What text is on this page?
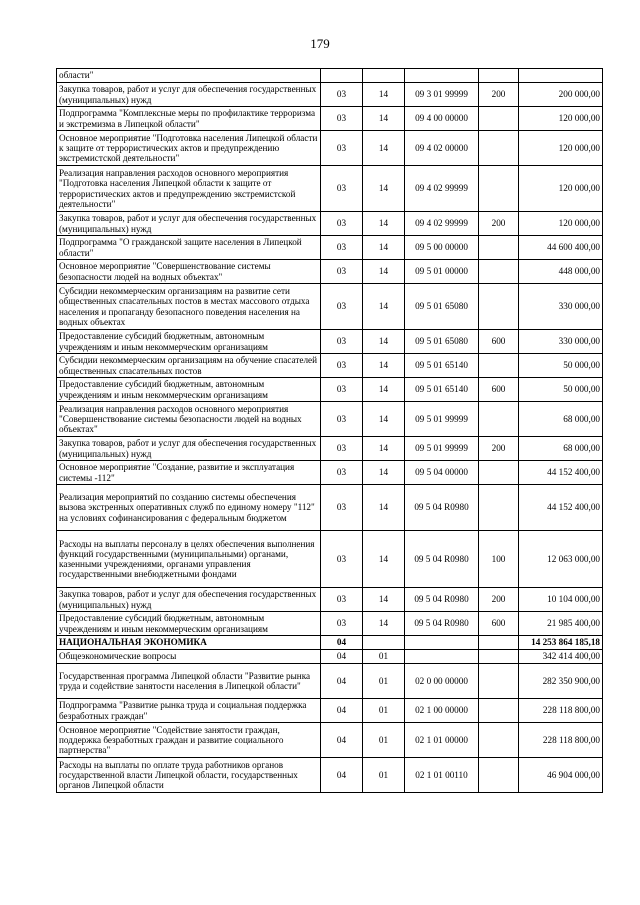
179
области"					
Закупка товаров, работ и услуг для обеспечения государственных (муниципальных) нужд	03	14	09 3 01 99999	200	200 000,00
Подпрограмма "Комплексные меры по профилактике терроризма и экстремизма в Липецкой области"	03	14	09 4 00 00000		120 000,00
Основное мероприятие "Подготовка населения Липецкой области к защите от террористических актов и предупреждению экстремистской деятельности"	03	14	09 4 02 00000		120 000,00
Реализация направления расходов основного мероприятия "Подготовка населения Липецкой области к защите от террористических актов и предупреждению экстремистской деятельности"	03	14	09 4 02 99999		120 000,00
Закупка товаров, работ и услуг для обеспечения государственных (муниципальных) нужд	03	14	09 4 02 99999	200	120 000,00
Подпрограмма "О гражданской защите населения в Липецкой области"	03	14	09 5 00 00000		44 600 400,00
Основное мероприятие "Совершенствование системы безопасности людей на водных объектах"	03	14	09 5 01 00000		448 000,00
Субсидии некоммерческим организациям на развитие сети общественных спасательных постов в местах массового отдыха населения и пропаганду безопасного поведения населения на водных объектах	03	14	09 5 01 65080		330 000,00
Предоставление субсидий бюджетным, автономным учреждениям и иным некоммерческим организациям	03	14	09 5 01 65080	600	330 000,00
Субсидии некоммерческим организациям на обучение спасателей общественных спасательных постов	03	14	09 5 01 65140		50 000,00
Предоставление субсидий бюджетным, автономным учреждениям и иным некоммерческим организациям	03	14	09 5 01 65140	600	50 000,00
Реализация направления расходов основного мероприятия "Совершенствование системы безопасности людей на водных объектах"	03	14	09 5 01 99999		68 000,00
Закупка товаров, работ и услуг для обеспечения государственных (муниципальных) нужд	03	14	09 5 01 99999	200	68 000,00
Основное мероприятие "Создание, развитие и эксплуатация системы -112"	03	14	09 5 04 00000		44 152 400,00
Реализация мероприятий по созданию системы обеспечения вызова экстренных оперативных служб по единому номеру "112" на условиях софинансирования с федеральным бюджетом	03	14	09 5 04 R0980		44 152 400,00
Расходы на выплаты персоналу в целях обеспечения выполнения функций государственными (муниципальными) органами, казенными учреждениями, органами управления государственными внебюджетными фондами	03	14	09 5 04 R0980	100	12 063 000,00
Закупка товаров, работ и услуг для обеспечения государственных (муниципальных) нужд	03	14	09 5 04 R0980	200	10 104 000,00
Предоставление субсидий бюджетным, автономным учреждениям и иным некоммерческим организациям	03	14	09 5 04 R0980	600	21 985 400,00
НАЦИОНАЛЬНАЯ ЭКОНОМИКА	04				14 253 864 185,18
Общеэкономические вопросы	04	01			342 414 400,00
Государственная программа Липецкой области "Развитие рынка труда и содействие занятости населения в Липецкой области"	04	01	02 0 00 00000		282 350 900,00
Подпрограмма "Развитие рынка труда и социальная поддержка безработных граждан"	04	01	02 1 00 00000		228 118 800,00
Основное мероприятие "Содействие занятости граждан, поддержка безработных граждан и развитие социального партнерства"	04	01	02 1 01 00000		228 118 800,00
Расходы на выплаты по оплате труда работников органов государственной власти Липецкой области, государственных органов Липецкой области	04	01	02 1 01 00110		46 904 000,00
